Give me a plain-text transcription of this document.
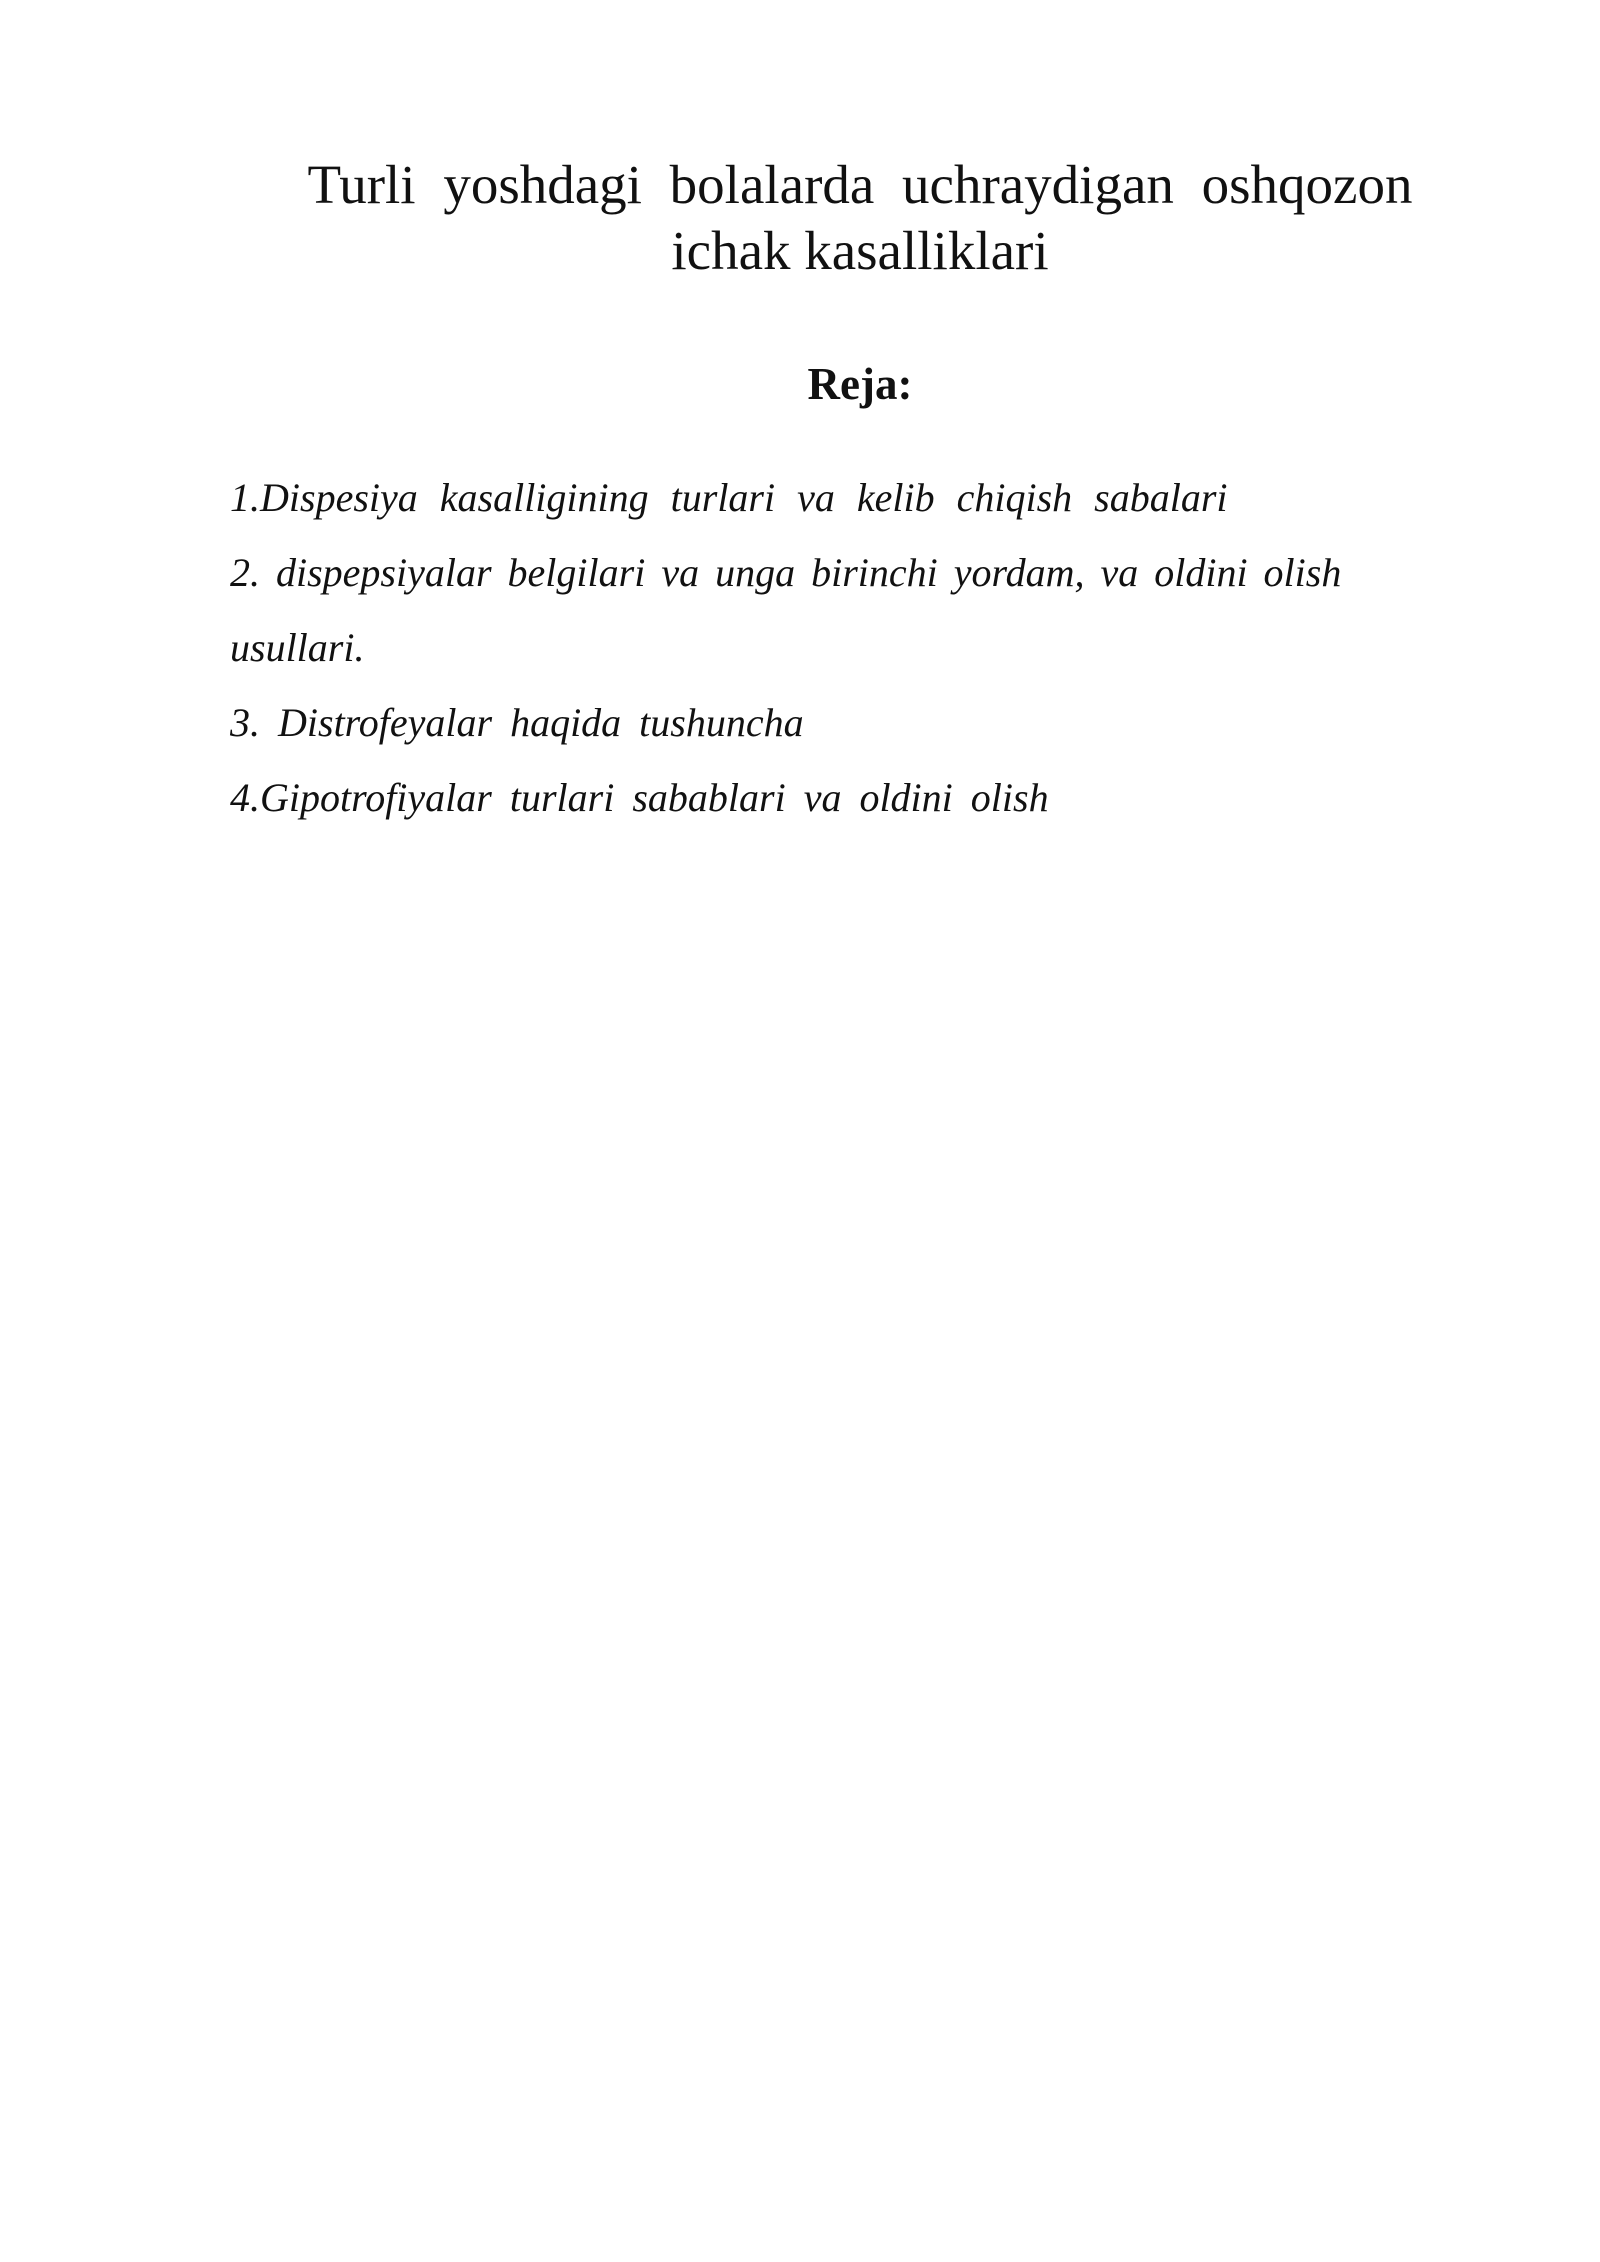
Turli yoshdagi bolalarda uchraydigan oshqozon
ichak kasalliklari
Reja:
1.Dispesiya kasalligining turlari va kelib chiqish sabalari
2. dispepsiyalar belgilari va unga birinchi yordam, va oldini olish usullari.
3. Distrofeyalar haqida tushuncha
4.Gipotrofiyalar turlari sabablari va oldini olish
